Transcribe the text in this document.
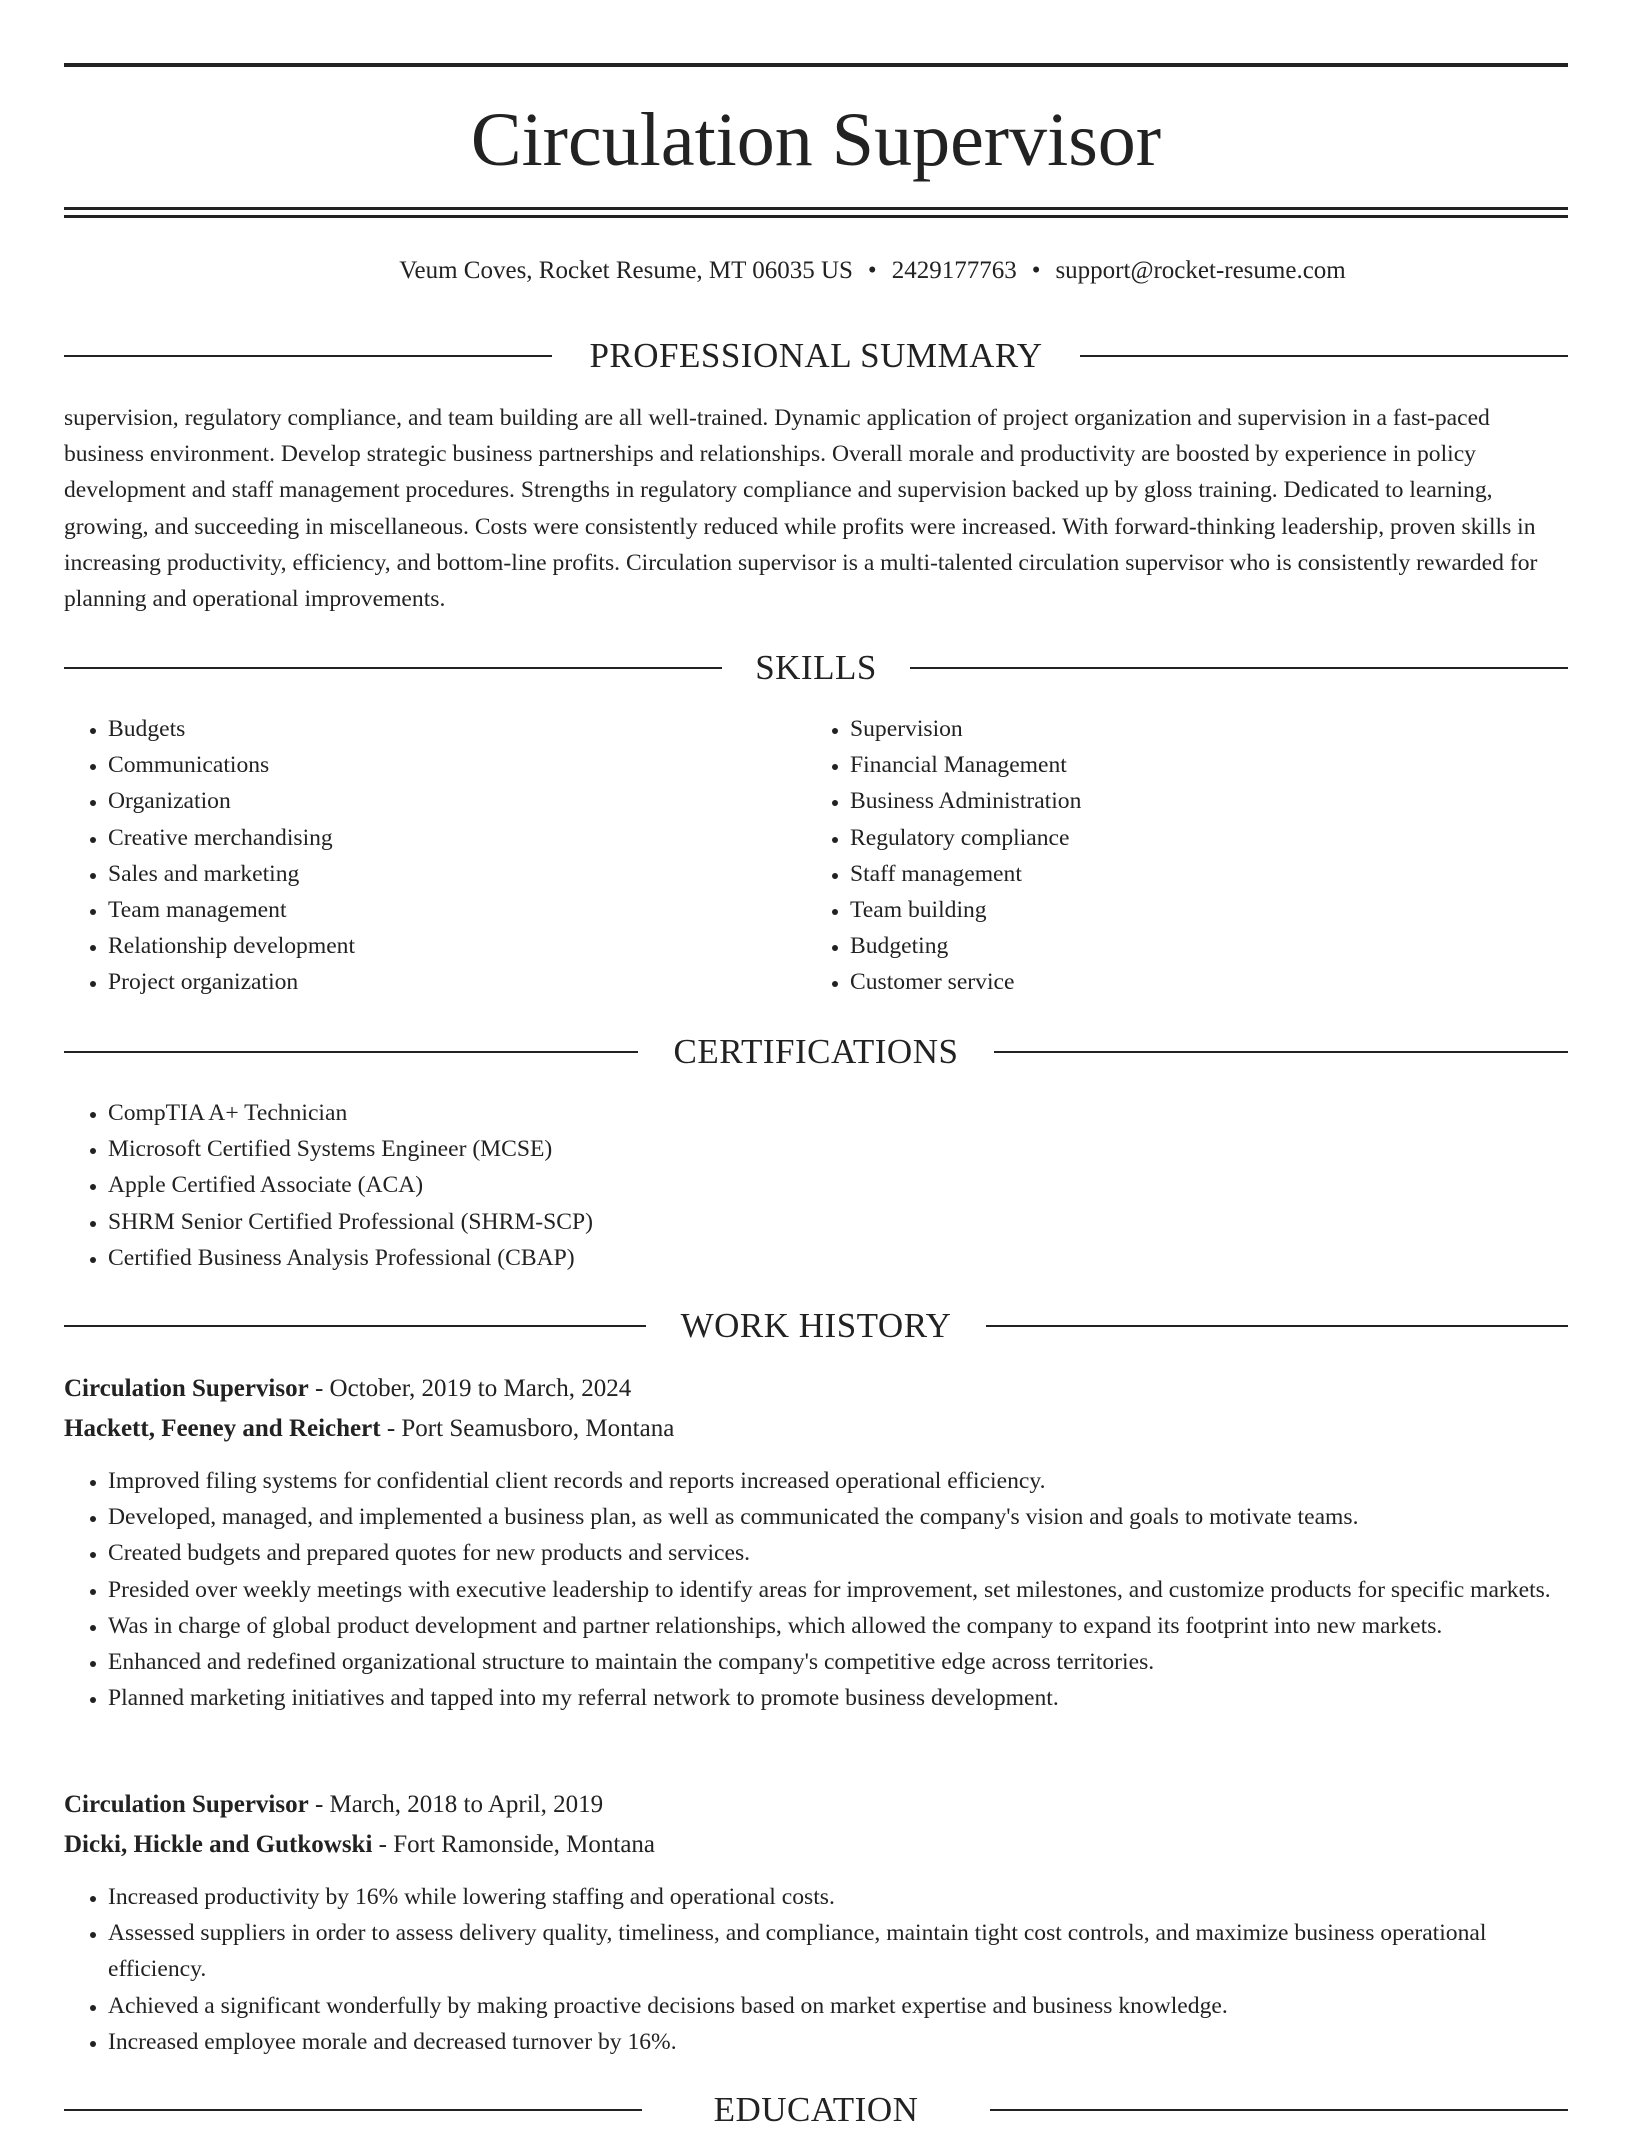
Circulation Supervisor
Veum Coves, Rocket Resume, MT 06035 US • 2429177763 • support@rocket-resume.com
PROFESSIONAL SUMMARY
supervision, regulatory compliance, and team building are all well-trained. Dynamic application of project organization and supervision in a fast-paced business environment. Develop strategic business partnerships and relationships. Overall morale and productivity are boosted by experience in policy development and staff management procedures. Strengths in regulatory compliance and supervision backed up by gloss training. Dedicated to learning, growing, and succeeding in miscellaneous. Costs were consistently reduced while profits were increased. With forward-thinking leadership, proven skills in increasing productivity, efficiency, and bottom-line profits. Circulation supervisor is a multi-talented circulation supervisor who is consistently rewarded for planning and operational improvements.
SKILLS
• Budgets
• Communications
• Organization
• Creative merchandising
• Sales and marketing
• Team management
• Relationship development
• Project organization
• Supervision
• Financial Management
• Business Administration
• Regulatory compliance
• Staff management
• Team building
• Budgeting
• Customer service
CERTIFICATIONS
• CompTIA A+ Technician
• Microsoft Certified Systems Engineer (MCSE)
• Apple Certified Associate (ACA)
• SHRM Senior Certified Professional (SHRM-SCP)
• Certified Business Analysis Professional (CBAP)
WORK HISTORY
Circulation Supervisor - October, 2019 to March, 2024
Hackett, Feeney and Reichert - Port Seamusboro, Montana
• Improved filing systems for confidential client records and reports increased operational efficiency.
• Developed, managed, and implemented a business plan, as well as communicated the company's vision and goals to motivate teams.
• Created budgets and prepared quotes for new products and services.
• Presided over weekly meetings with executive leadership to identify areas for improvement, set milestones, and customize products for specific markets.
• Was in charge of global product development and partner relationships, which allowed the company to expand its footprint into new markets.
• Enhanced and redefined organizational structure to maintain the company's competitive edge across territories.
• Planned marketing initiatives and tapped into my referral network to promote business development.
Circulation Supervisor - March, 2018 to April, 2019
Dicki, Hickle and Gutkowski - Fort Ramonside, Montana
• Increased productivity by 16% while lowering staffing and operational costs.
• Assessed suppliers in order to assess delivery quality, timeliness, and compliance, maintain tight cost controls, and maximize business operational efficiency.
• Achieved a significant wonderfully by making proactive decisions based on market expertise and business knowledge.
• Increased employee morale and decreased turnover by 16%.
EDUCATION
